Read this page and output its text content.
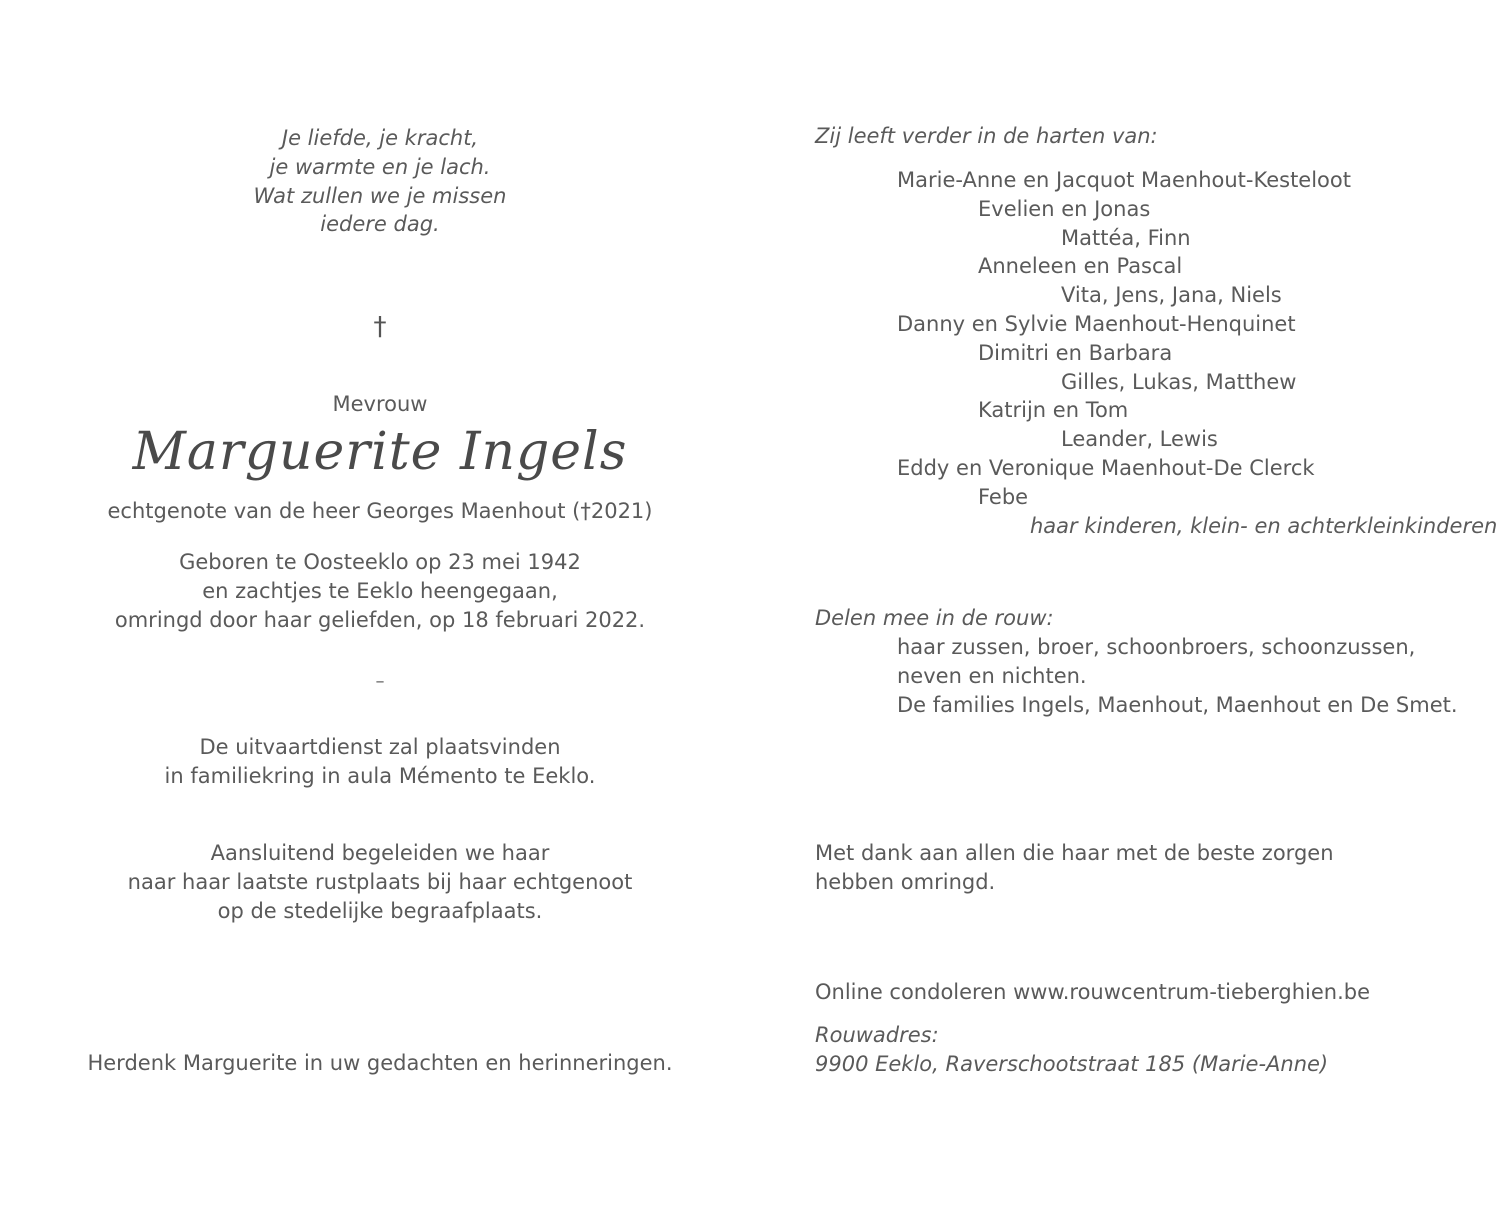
Je liefde, je kracht,
je warmte en je lach.
Wat zullen we je missen
iedere dag.
†
Mevrouw
Marguerite Ingels
echtgenote van de heer Georges Maenhout (†2021)
Geboren te Oosteeklo op 23 mei 1942
en zachtjes te Eeklo heengegaan,
omringd door haar geliefden, op 18 februari 2022.
–
De uitvaartdienst zal plaatsvinden
in familiekring in aula Mémento te Eeklo.
Aansluitend begeleiden we haar
naar haar laatste rustplaats bij haar echtgenoot
op de stedelijke begraafplaats.
Herdenk Marguerite in uw gedachten en herinneringen.
Zij leeft verder in de harten van:
Marie-Anne en Jacquot Maenhout-Kesteloot
Evelien en Jonas
Mattéa, Finn
Anneleen en Pascal
Vita, Jens, Jana, Niels
Danny en Sylvie Maenhout-Henquinet
Dimitri en Barbara
Gilles, Lukas, Matthew
Katrijn en Tom
Leander, Lewis
Eddy en Veronique Maenhout-De Clerck
Febe
haar kinderen, klein- en achterkleinkinderen
Delen mee in de rouw:
haar zussen, broer, schoonbroers, schoonzussen,
neven en nichten.
De families Ingels, Maenhout, Maenhout en De Smet.
Met dank aan allen die haar met de beste zorgen
hebben omringd.
Online condoleren www.rouwcentrum-tieberghien.be
Rouwadres:
9900 Eeklo, Raverschootstraat 185 (Marie-Anne)
